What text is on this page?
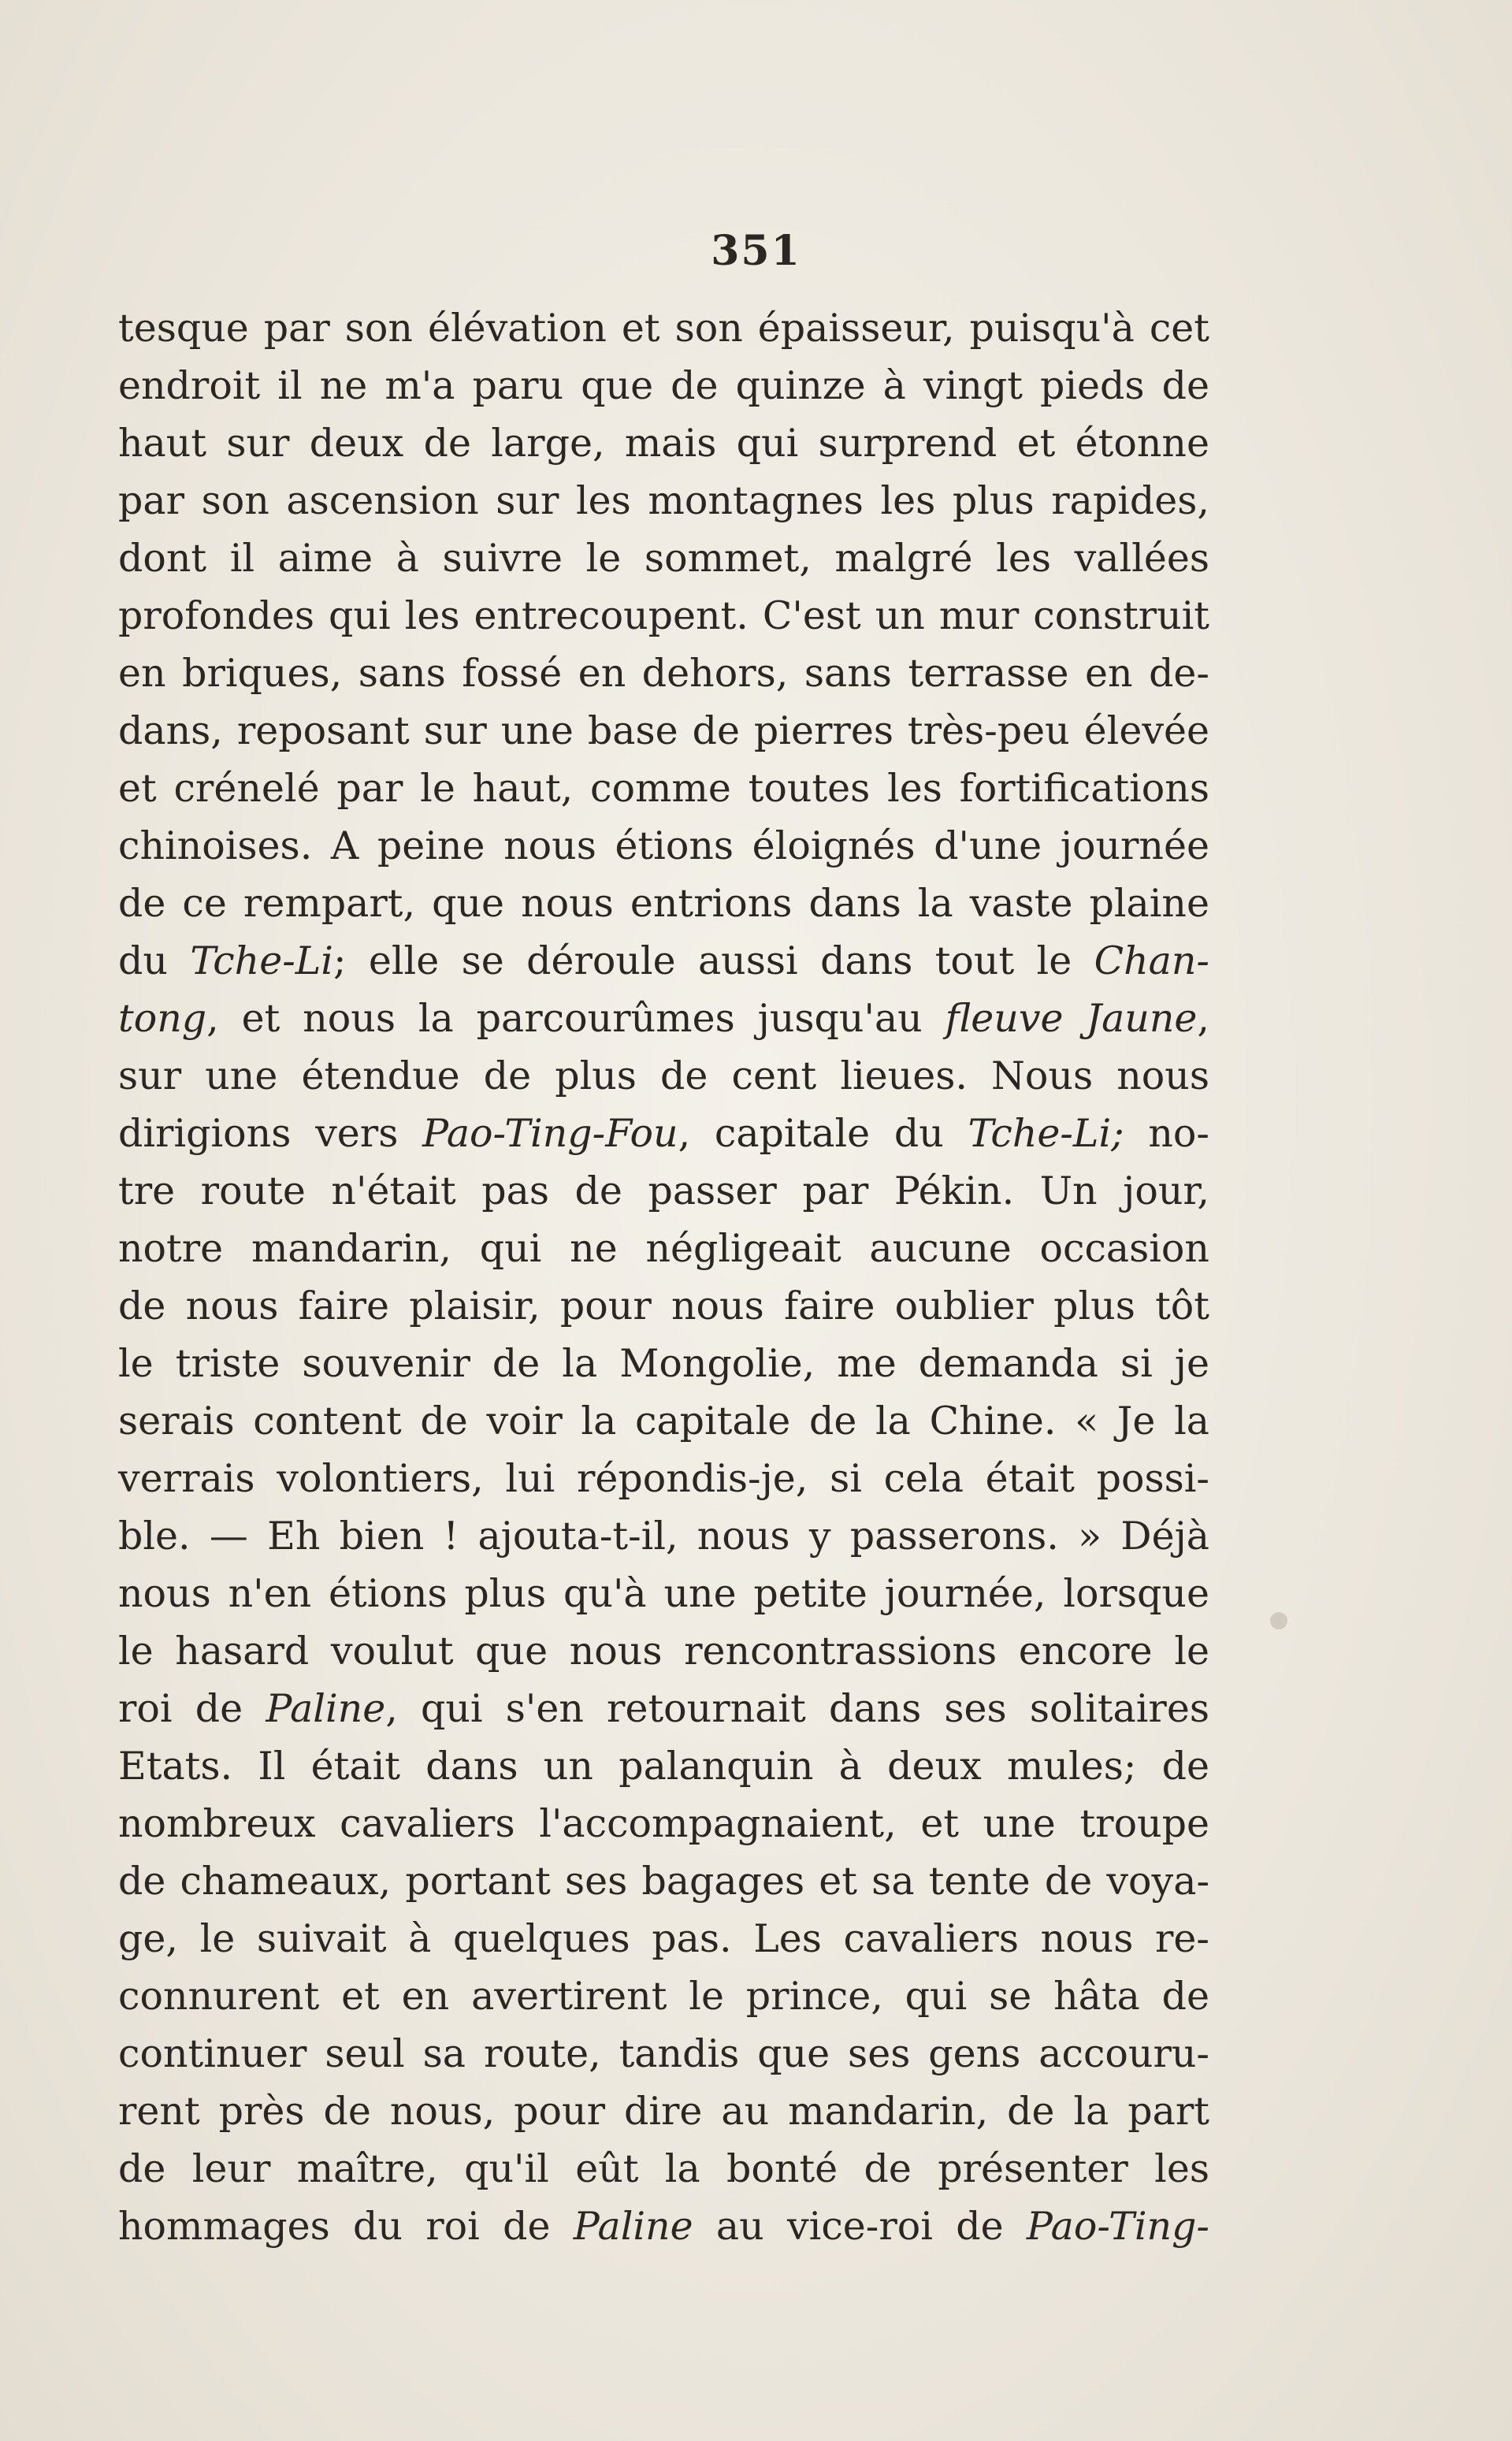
351
tesque par son élévation et son épaisseur, puisqu'à cet
endroit il ne m'a paru que de quinze à vingt pieds de
haut sur deux de large, mais qui surprend et étonne
par son ascension sur les montagnes les plus rapides,
dont il aime à suivre le sommet, malgré les vallées
profondes qui les entrecoupent. C'est un mur construit
en briques, sans fossé en dehors, sans terrasse en de-
dans, reposant sur une base de pierres très-peu élevée
et crénelé par le haut, comme toutes les fortifications
chinoises. A peine nous étions éloignés d'une journée
de ce rempart, que nous entrions dans la vaste plaine
du Tche-Li; elle se déroule aussi dans tout le Chan-
tong, et nous la parcourûmes jusqu'au fleuve Jaune,
sur une étendue de plus de cent lieues. Nous nous
dirigions vers Pao-Ting-Fou, capitale du Tche-Li; no-
tre route n'était pas de passer par Pékin. Un jour,
notre mandarin, qui ne négligeait aucune occasion
de nous faire plaisir, pour nous faire oublier plus tôt
le triste souvenir de la Mongolie, me demanda si je
serais content de voir la capitale de la Chine. « Je la
verrais volontiers, lui répondis-je, si cela était possi-
ble. — Eh bien ! ajouta-t-il, nous y passerons. » Déjà
nous n'en étions plus qu'à une petite journée, lorsque
le hasard voulut que nous rencontrassions encore le
roi de Paline, qui s'en retournait dans ses solitaires
Etats. Il était dans un palanquin à deux mules; de
nombreux cavaliers l'accompagnaient, et une troupe
de chameaux, portant ses bagages et sa tente de voya-
ge, le suivait à quelques pas. Les cavaliers nous re-
connurent et en avertirent le prince, qui se hâta de
continuer seul sa route, tandis que ses gens accouru-
rent près de nous, pour dire au mandarin, de la part
de leur maître, qu'il eût la bonté de présenter les
hommages du roi de Paline au vice-roi de Pao-Ting-
